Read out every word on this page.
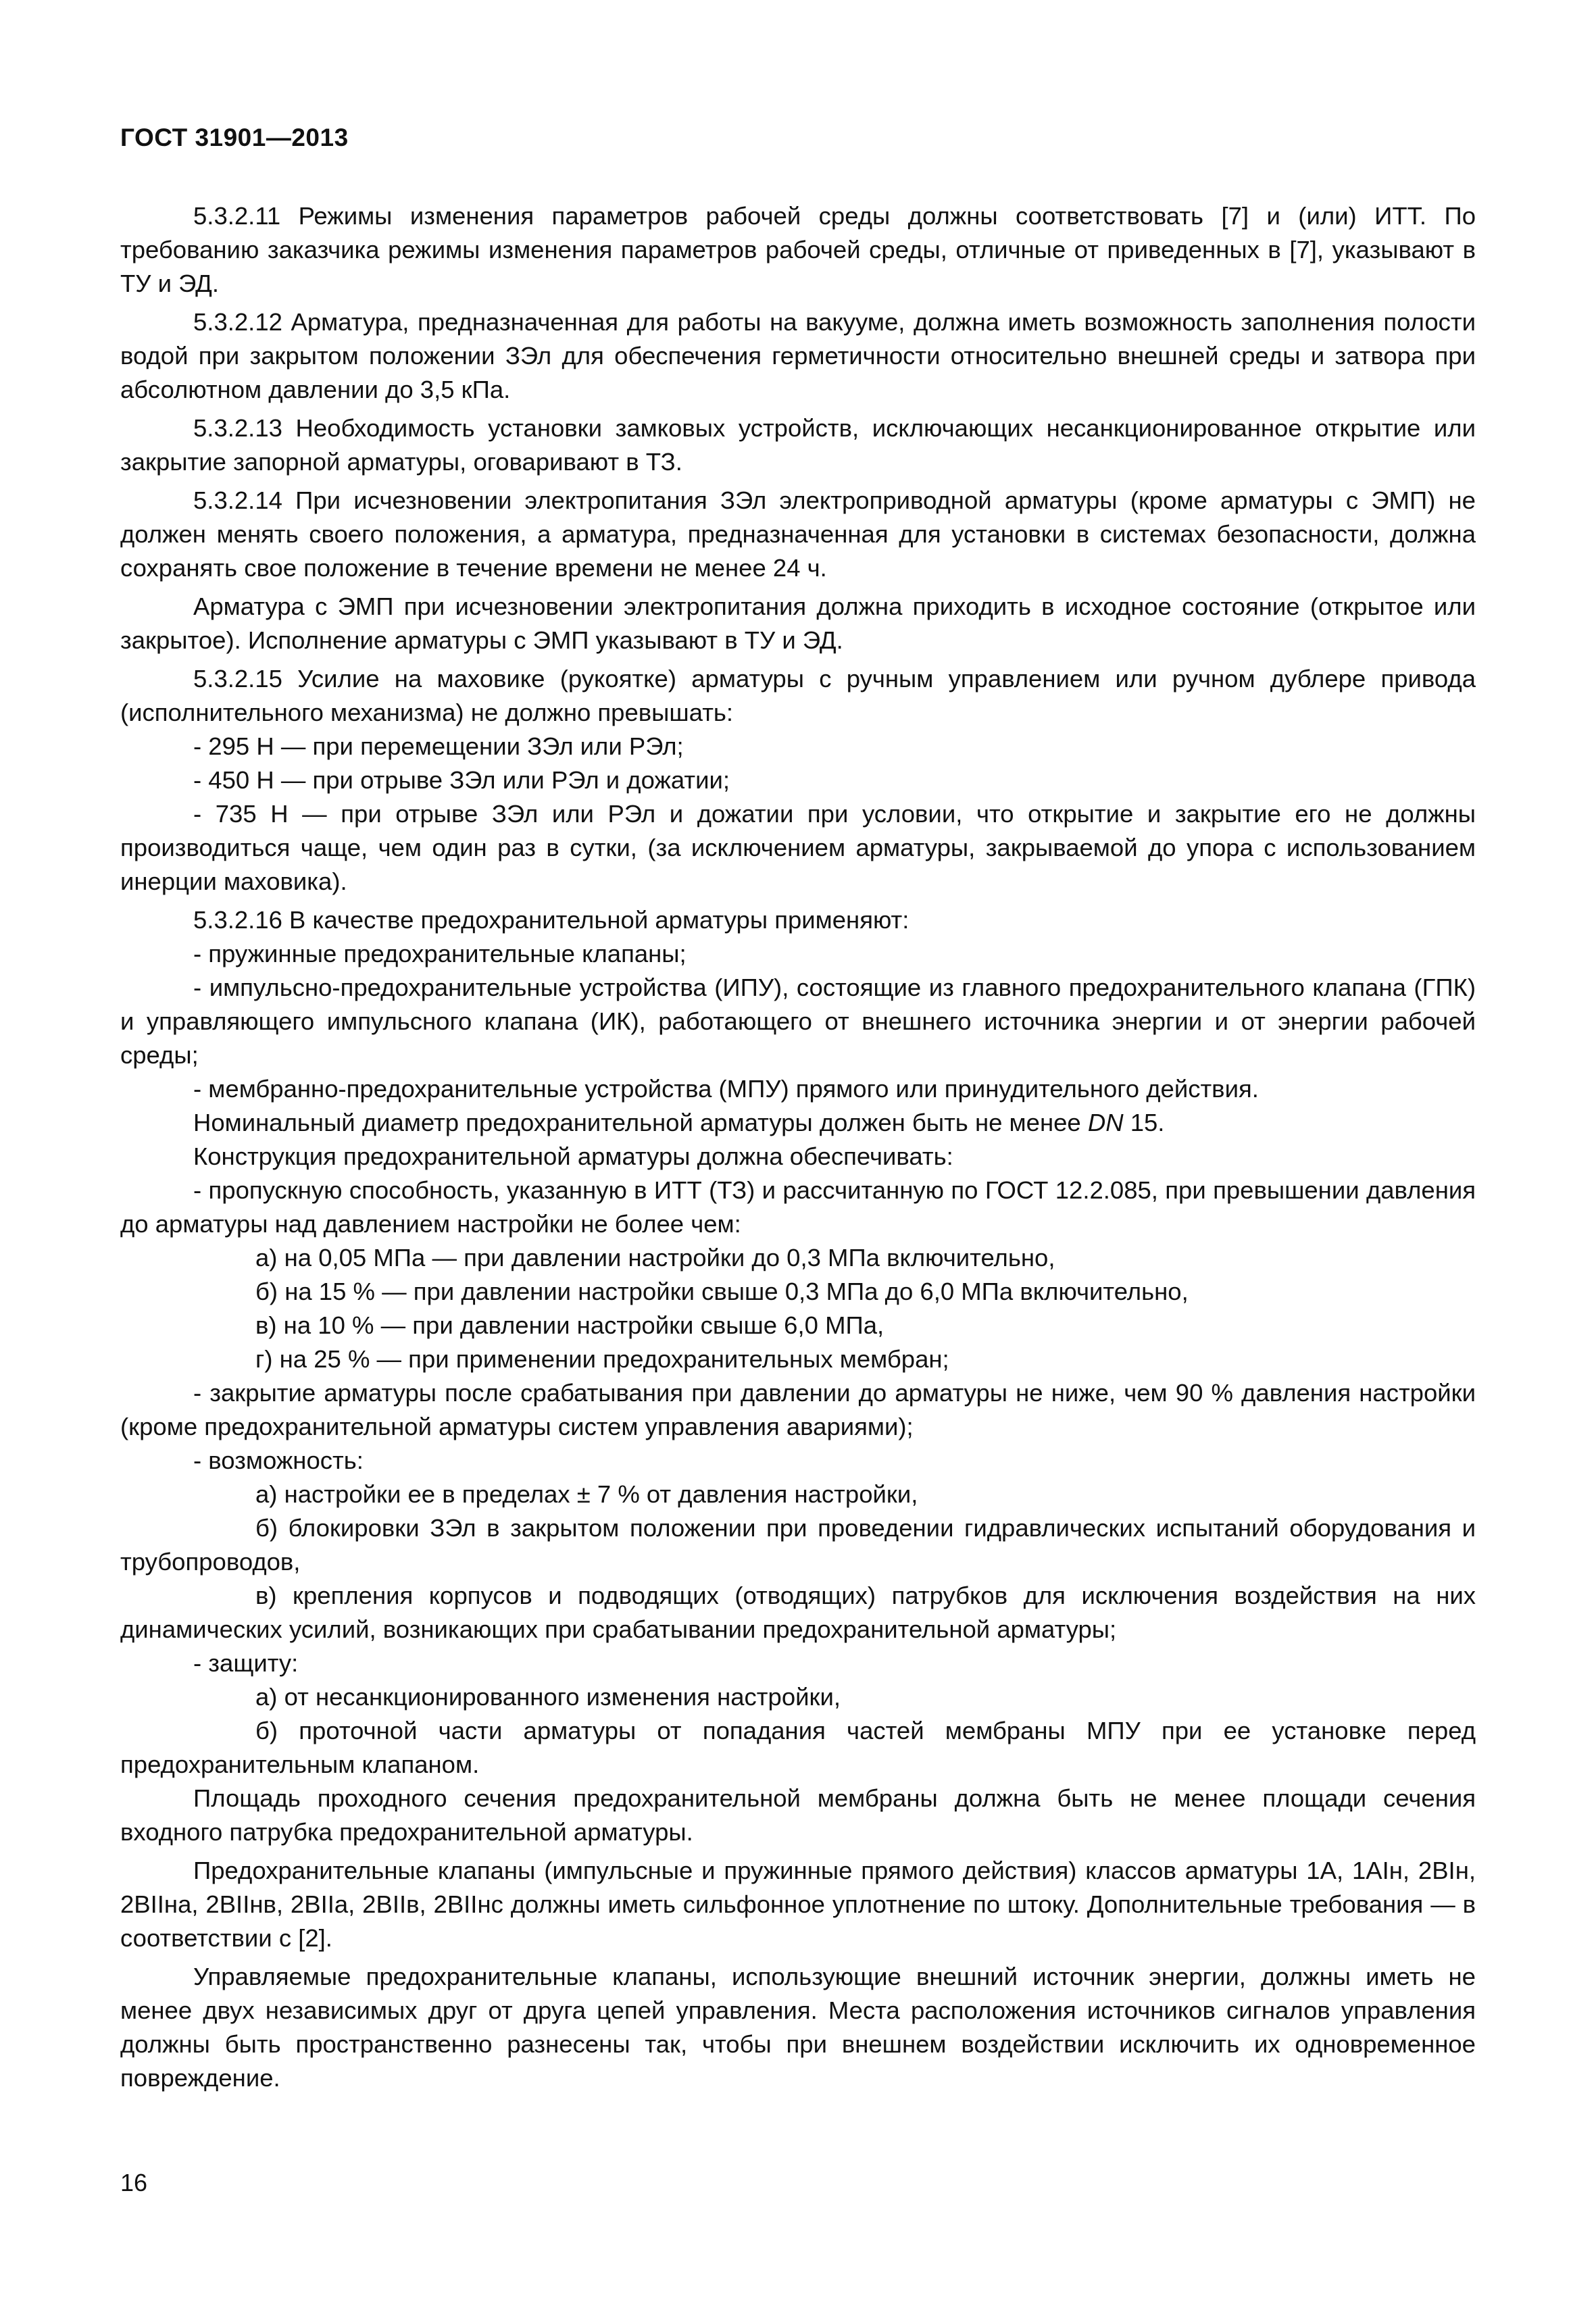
ГОСТ 31901—2013

5.3.2.11 Режимы изменения параметров рабочей среды должны соответствовать [7] и (или) ИТТ. По требованию заказчика режимы изменения параметров рабочей среды, отличные от приведенных в [7], указывают в ТУ и ЭД.

5.3.2.12 Арматура, предназначенная для работы на вакууме, должна иметь возможность заполнения полости водой при закрытом положении ЗЭл для обеспечения герметичности относительно внешней среды и затвора при абсолютном давлении до 3,5 кПа.

5.3.2.13 Необходимость установки замковых устройств, исключающих несанкционированное открытие или закрытие запорной арматуры, оговаривают в ТЗ.

5.3.2.14 При исчезновении электропитания ЗЭл электроприводной арматуры (кроме арматуры с ЭМП) не должен менять своего положения, а арматура, предназначенная для установки в системах безопасности, должна сохранять свое положение в течение времени не менее 24 ч.

Арматура с ЭМП при исчезновении электропитания должна приходить в исходное состояние (открытое или закрытое). Исполнение арматуры с ЭМП указывают в ТУ и ЭД.

5.3.2.15 Усилие на маховике (рукоятке) арматуры с ручным управлением или ручном дублере привода (исполнительного механизма) не должно превышать:

- 295 Н — при перемещении ЗЭл или РЭл;

- 450 Н — при отрыве ЗЭл или РЭл и дожатии;

- 735 Н — при отрыве ЗЭл или РЭл и дожатии при условии, что открытие и закрытие его не должны производиться чаще, чем один раз в сутки, (за исключением арматуры, закрываемой до упора с использованием инерции маховика).

5.3.2.16 В качестве предохранительной арматуры применяют:

- пружинные предохранительные клапаны;

- импульсно-предохранительные устройства (ИПУ), состоящие из главного предохранительного клапана (ГПК) и управляющего импульсного клапана (ИК), работающего от внешнего источника энергии и от энергии рабочей среды;

- мембранно-предохранительные устройства (МПУ) прямого или принудительного действия.

Номинальный диаметр предохранительной арматуры должен быть не менее DN 15.

Конструкция предохранительной арматуры должна обеспечивать:

- пропускную способность, указанную в ИТТ (ТЗ) и рассчитанную по ГОСТ 12.2.085, при превышении давления до арматуры над давлением настройки не более чем:

а) на 0,05 МПа — при давлении настройки до 0,3 МПа включительно,

б) на 15 % — при давлении настройки свыше 0,3 МПа до 6,0 МПа включительно,

в) на 10 % — при давлении настройки свыше 6,0 МПа,

г) на 25 % — при применении предохранительных мембран;

- закрытие арматуры после срабатывания при давлении до арматуры не ниже, чем 90 % давления настройки (кроме предохранительной арматуры систем управления авариями);

- возможность:

а) настройки ее в пределах ± 7 % от давления настройки,

б) блокировки ЗЭл в закрытом положении при проведении гидравлических испытаний оборудования и трубопроводов,

в) крепления корпусов и подводящих (отводящих) патрубков для исключения воздействия на них динамических усилий, возникающих при срабатывании предохранительной арматуры;

- защиту:

а) от несанкционированного изменения настройки,

б) проточной части арматуры от попадания частей мембраны МПУ при ее установке перед предохранительным клапаном.

Площадь проходного сечения предохранительной мембраны должна быть не менее площади сечения входного патрубка предохранительной арматуры.

Предохранительные клапаны (импульсные и пружинные прямого действия) классов арматуры 1А, 1АIн, 2ВIн, 2ВIIна, 2ВIIнв, 2ВIIа, 2ВIIв, 2ВIIнс должны иметь сильфонное уплотнение по штоку. Дополнительные требования — в соответствии с [2].

Управляемые предохранительные клапаны, использующие внешний источник энергии, должны иметь не менее двух независимых друг от друга цепей управления. Места расположения источников сигналов управления должны быть пространственно разнесены так, чтобы при внешнем воздействии исключить их одновременное повреждение.

16
